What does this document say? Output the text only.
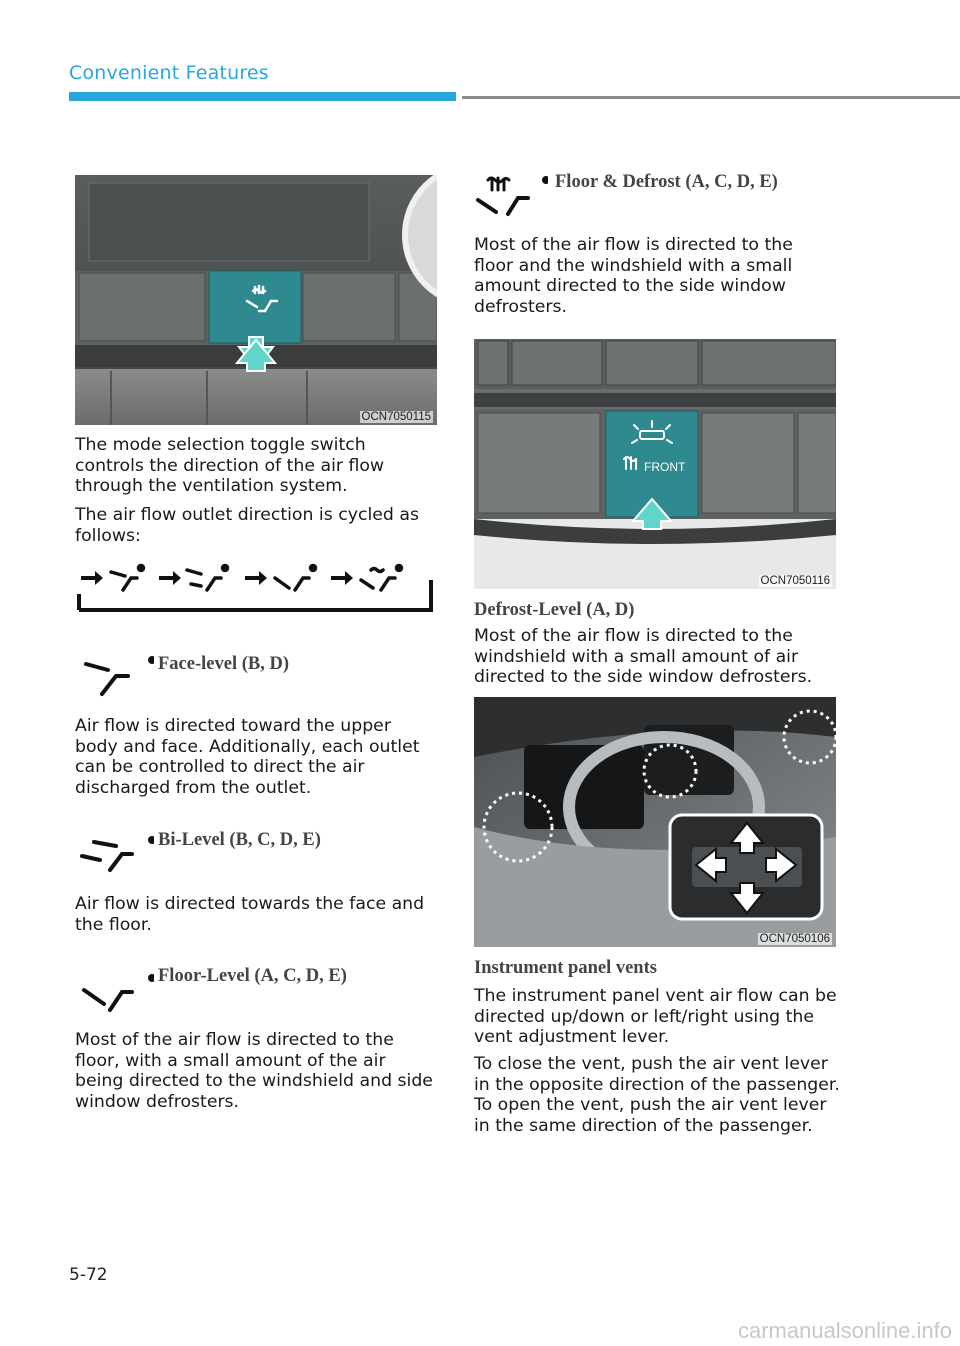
Convenient Features
OCN7050115

The mode selection toggle switch controls the direction of the air flow through the ventilation system.

The air flow outlet direction is cycled as follows:

Face-level (B, D)

Air flow is directed toward the upper body and face. Additionally, each outlet can be controlled to direct the air discharged from the outlet.

Bi-Level (B, C, D, E)

Air flow is directed towards the face and the floor.

Floor-Level (A, C, D, E)

Most of the air flow is directed to the floor, with a small amount of the air being directed to the windshield and side window defrosters.

Floor & Defrost (A, C, D, E)

Most of the air flow is directed to the floor and the windshield with a small amount directed to the side window defrosters.

FRONT
OCN7050116
Defrost-Level (A, D)

Most of the air flow is directed to the windshield with a small amount of air directed to the side window defrosters.

OCN7050106
Instrument panel vents

The instrument panel vent air flow can be directed up/down or left/right using the vent adjustment lever.

To close the vent, push the air vent lever in the opposite direction of the passenger. To open the vent, push the air vent lever in the same direction of the passenger.

5-72
carmanualsonline.info
